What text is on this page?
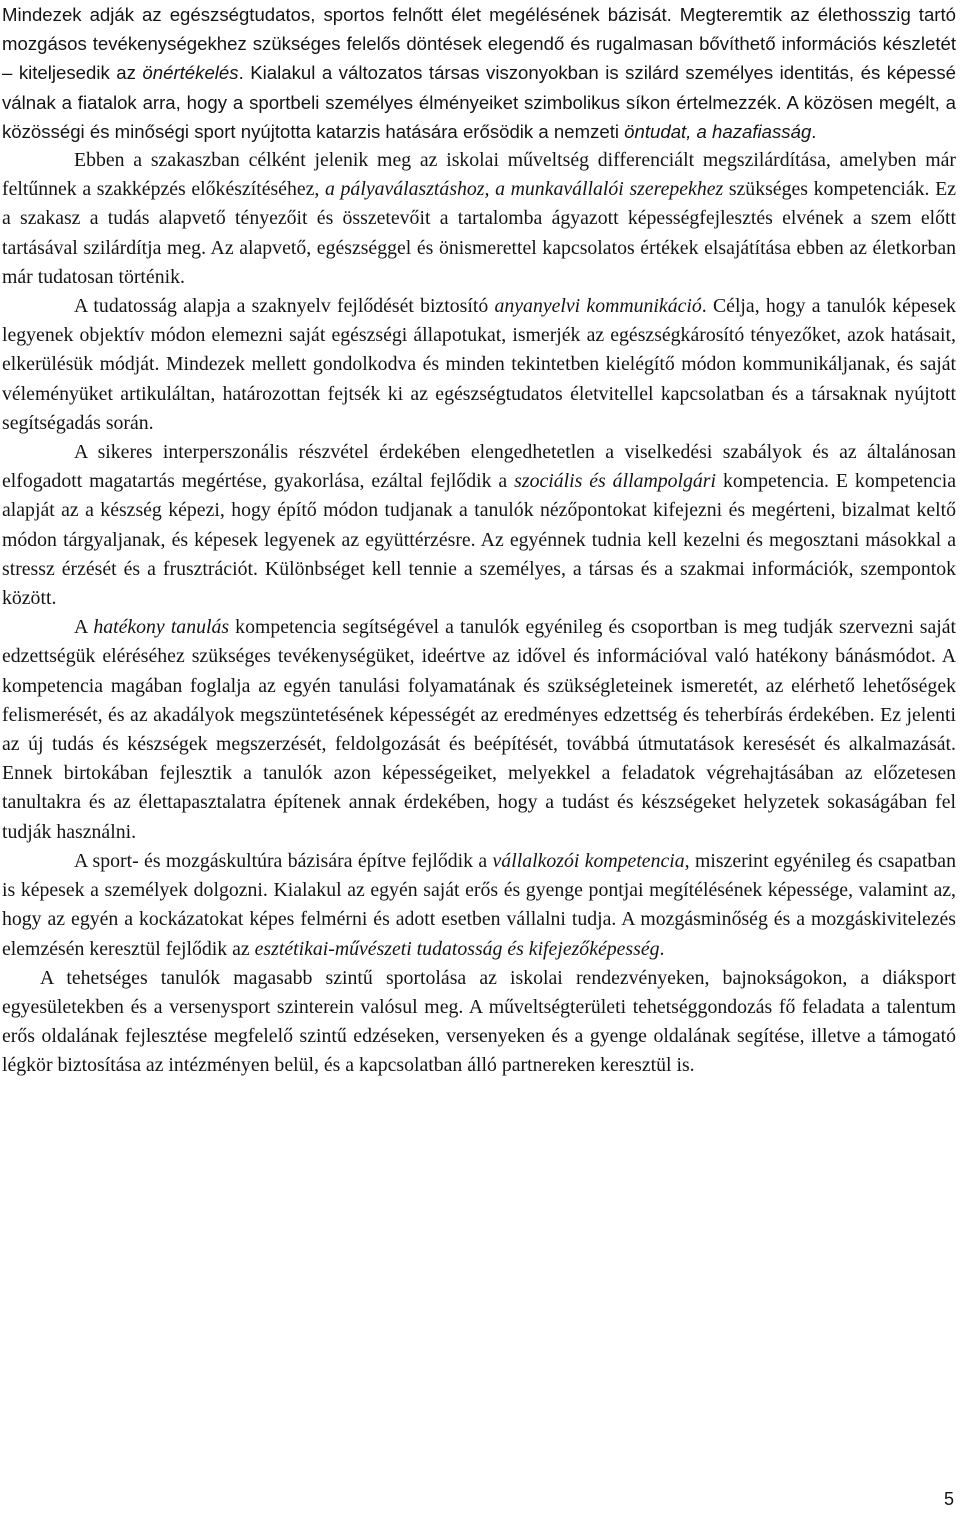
Mindezek adják az egészségtudatos, sportos felnőtt élet megélésének bázisát. Megteremtik az élethosszig tartó mozgásos tevékenységekhez szükséges felelős döntések elegendő és rugalmasan bővíthető információs készletét – kiteljesedik az önértékelés. Kialakul a változatos társas viszonyokban is szilárd személyes identitás, és képessé válnak a fiatalok arra, hogy a sportbeli személyes élményeiket szimbolikus síkon értelmezzék. A közösen megélt, a közösségi és minőségi sport nyújtotta katarzis hatására erősödik a nemzeti öntudat, a hazafiasság.

Ebben a szakaszban célként jelenik meg az iskolai műveltség differenciált megszilárdítása, amelyben már feltűnnek a szakképzés előkészítéséhez, a pályaválasztáshoz, a munkavállalói szerepekhez szükséges kompetenciák. Ez a szakasz a tudás alapvető tényezőit és összetevőit a tartalomba ágyazott képességfejlesztés elvének a szem előtt tartásával szilárdítja meg. Az alapvető, egészséggel és önismerettel kapcsolatos értékek elsajátítása ebben az életkorban már tudatosan történik.

A tudatosság alapja a szaknyelv fejlődését biztosító anyanyelvi kommunikáció. Célja, hogy a tanulók képesek legyenek objektív módon elemezni saját egészségi állapotukat, ismerjék az egészségkárosító tényezőket, azok hatásait, elkerülésük módját. Mindezek mellett gondolkodva és minden tekintetben kielégítő módon kommunikáljanak, és saját véleményüket artikuláltan, határozottan fejtsék ki az egészségtudatos életvitellel kapcsolatban és a társaknak nyújtott segítségadás során.

A sikeres interperszonális részvétel érdekében elengedhetetlen a viselkedési szabályok és az általánosan elfogadott magatartás megértése, gyakorlása, ezáltal fejlődik a szociális és állampolgári kompetencia. E kompetencia alapját az a készség képezi, hogy építő módon tudjanak a tanulók nézőpontokat kifejezni és megérteni, bizalmat keltő módon tárgyaljanak, és képesek legyenek az együttérzésre. Az egyénnek tudnia kell kezelni és megosztani másokkal a stressz érzését és a frusztrációt. Különbséget kell tennie a személyes, a társas és a szakmai információk, szempontok között.

A hatékony tanulás kompetencia segítségével a tanulók egyénileg és csoportban is meg tudják szervezni saját edzettségük eléréséhez szükséges tevékenységüket, ideértve az idővel és információval való hatékony bánásmódot. A kompetencia magában foglalja az egyén tanulási folyamatának és szükségleteinek ismeretét, az elérhető lehetőségek felismerését, és az akadályok megszüntetésének képességét az eredményes edzettség és teherbírás érdekében. Ez jelenti az új tudás és készségek megszerzését, feldolgozását és beépítését, továbbá útmutatások keresését és alkalmazását. Ennek birtokában fejlesztik a tanulók azon képességeiket, melyekkel a feladatok végrehajtásában az előzetesen tanultakra és az élettapasztalatra építenek annak érdekében, hogy a tudást és készségeket helyzetek sokaságában fel tudják használni.

A sport- és mozgáskultúra bázisára építve fejlődik a vállalkozói kompetencia, miszerint egyénileg és csapatban is képesek a személyek dolgozni. Kialakul az egyén saját erős és gyenge pontjai megítélésének képessége, valamint az, hogy az egyén a kockázatokat képes felmérni és adott esetben vállalni tudja. A mozgásminőség és a mozgáskivitelezés elemzésén keresztül fejlődik az esztétikai-művészeti tudatosság és kifejezőképesség.

A tehetséges tanulók magasabb szintű sportolása az iskolai rendezvényeken, bajnokságokon, a diáksport egyesületekben és a versenysport szinterein valósul meg. A műveltségterületi tehetséggondozás fő feladata a talentum erős oldalának fejlesztése megfelelő szintű edzéseken, versenyeken és a gyenge oldalának segítése, illetve a támogató légkör biztosítása az intézményen belül, és a kapcsolatban álló partnereken keresztül is.

5
